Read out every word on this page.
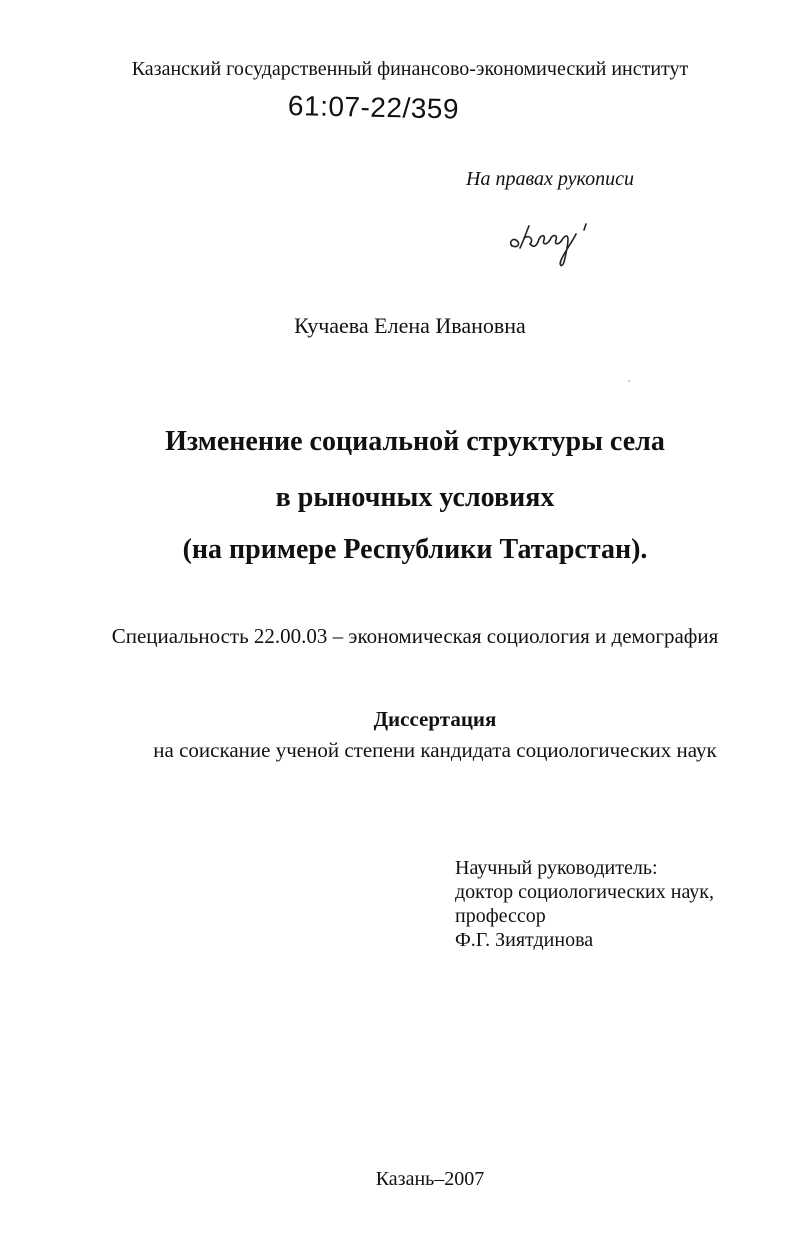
Казанский государственный финансово-экономический институт
61:07-22/359
На правах рукописи
Кучаева Елена Ивановна
Изменение социальной структуры села
в рыночных условиях
(на примере Республики Татарстан).
Специальность 22.00.03 – экономическая социология и демография
Диссертация
на соискание ученой степени кандидата социологических наук
Научный руководитель:
доктор социологических наук,
профессор
Ф.Г. Зиятдинова
Казань–2007
